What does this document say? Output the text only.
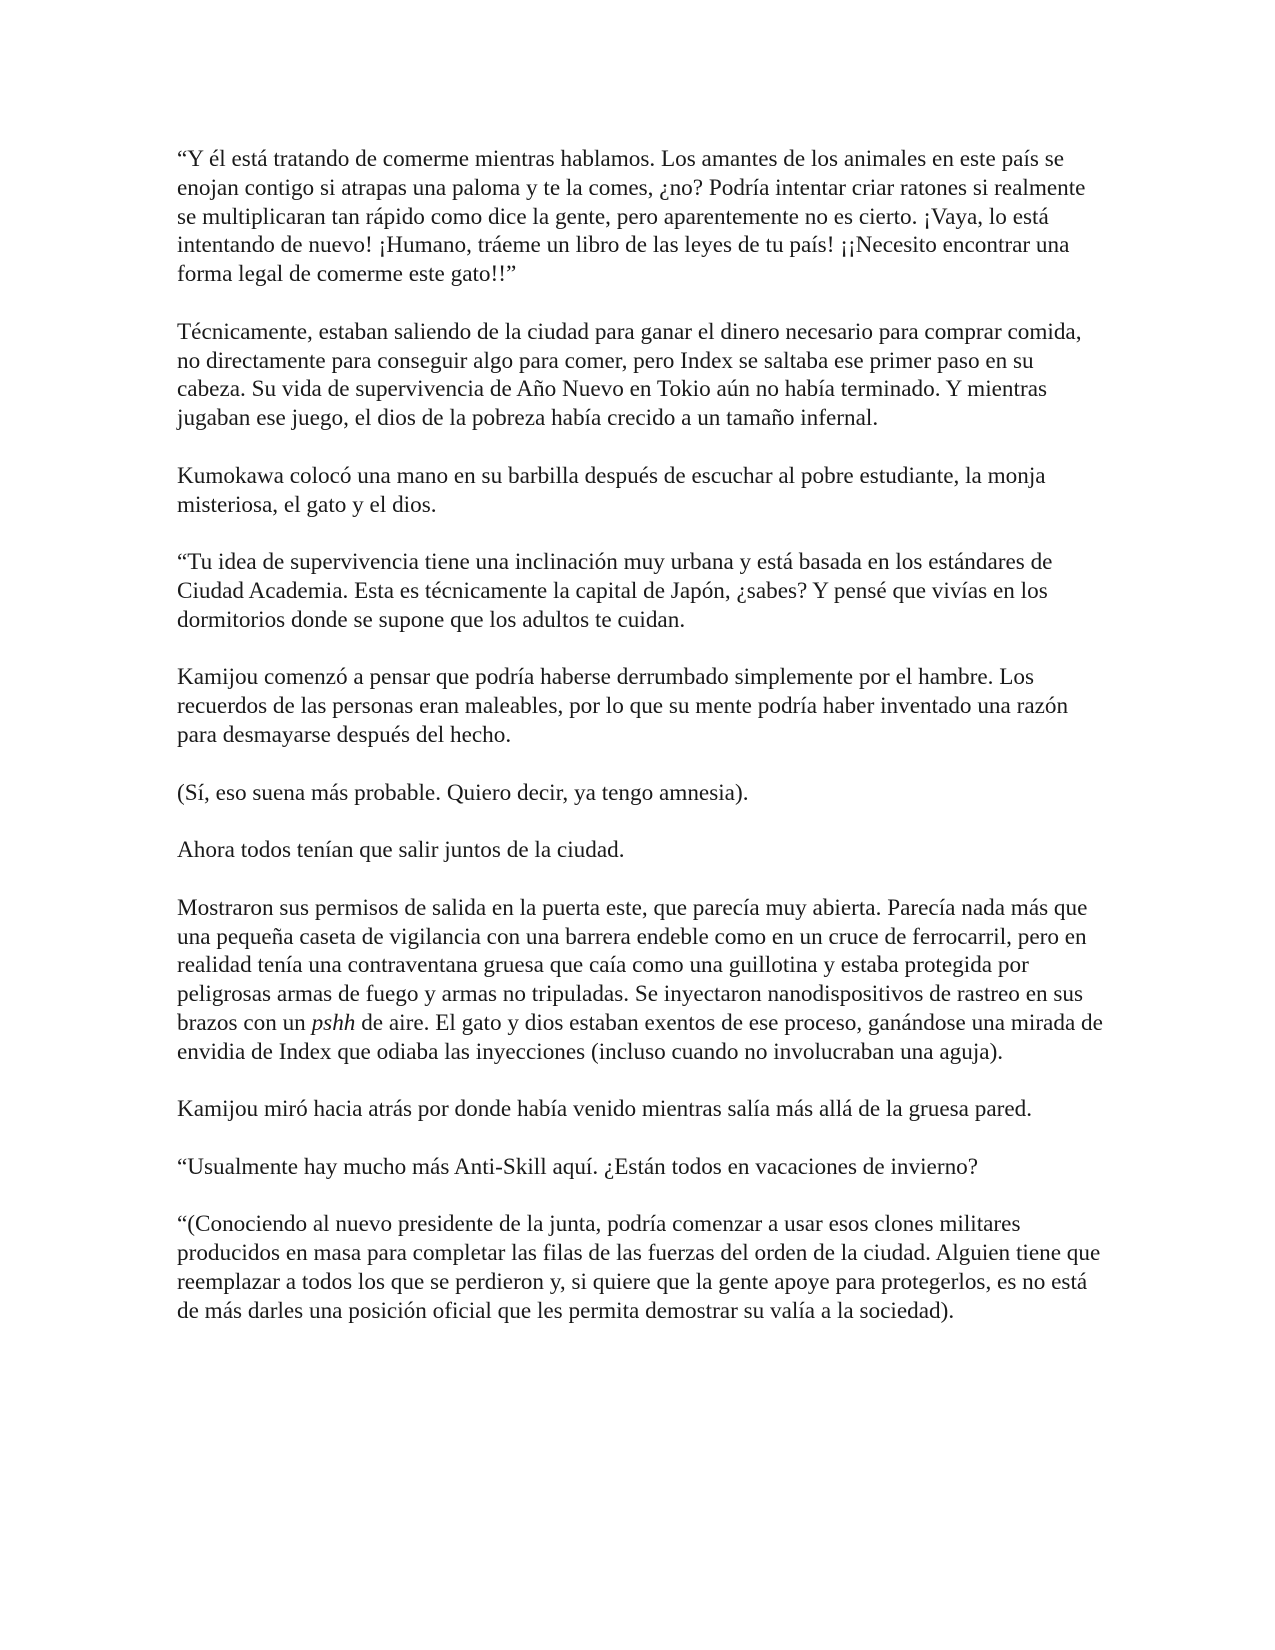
“Y él está tratando de comerme mientras hablamos. Los amantes de los animales en este país se enojan contigo si atrapas una paloma y te la comes, ¿no? Podría intentar criar ratones si realmente se multiplicaran tan rápido como dice la gente, pero aparentemente no es cierto. ¡Vaya, lo está intentando de nuevo! ¡Humano, tráeme un libro de las leyes de tu país! ¡¡Necesito encontrar una forma legal de comerme este gato!!”

Técnicamente, estaban saliendo de la ciudad para ganar el dinero necesario para comprar comida, no directamente para conseguir algo para comer, pero Index se saltaba ese primer paso en su cabeza. Su vida de supervivencia de Año Nuevo en Tokio aún no había terminado. Y mientras jugaban ese juego, el dios de la pobreza había crecido a un tamaño infernal.

Kumokawa colocó una mano en su barbilla después de escuchar al pobre estudiante, la monja misteriosa, el gato y el dios.

“Tu idea de supervivencia tiene una inclinación muy urbana y está basada en los estándares de Ciudad Academia. Esta es técnicamente la capital de Japón, ¿sabes? Y pensé que vivías en los dormitorios donde se supone que los adultos te cuidan.

Kamijou comenzó a pensar que podría haberse derrumbado simplemente por el hambre. Los recuerdos de las personas eran maleables, por lo que su mente podría haber inventado una razón para desmayarse después del hecho.

(Sí, eso suena más probable. Quiero decir, ya tengo amnesia).

Ahora todos tenían que salir juntos de la ciudad.

Mostraron sus permisos de salida en la puerta este, que parecía muy abierta. Parecía nada más que una pequeña caseta de vigilancia con una barrera endeble como en un cruce de ferrocarril, pero en realidad tenía una contraventana gruesa que caía como una guillotina y estaba protegida por peligrosas armas de fuego y armas no tripuladas. Se inyectaron nanodispositivos de rastreo en sus brazos con un pshh de aire. El gato y dios estaban exentos de ese proceso, ganándose una mirada de envidia de Index que odiaba las inyecciones (incluso cuando no involucraban una aguja).

Kamijou miró hacia atrás por donde había venido mientras salía más allá de la gruesa pared.

“Usualmente hay mucho más Anti-Skill aquí. ¿Están todos en vacaciones de invierno?

“(Conociendo al nuevo presidente de la junta, podría comenzar a usar esos clones militares producidos en masa para completar las filas de las fuerzas del orden de la ciudad. Alguien tiene que reemplazar a todos los que se perdieron y, si quiere que la gente apoye para protegerlos, es no está de más darles una posición oficial que les permita demostrar su valía a la sociedad).
